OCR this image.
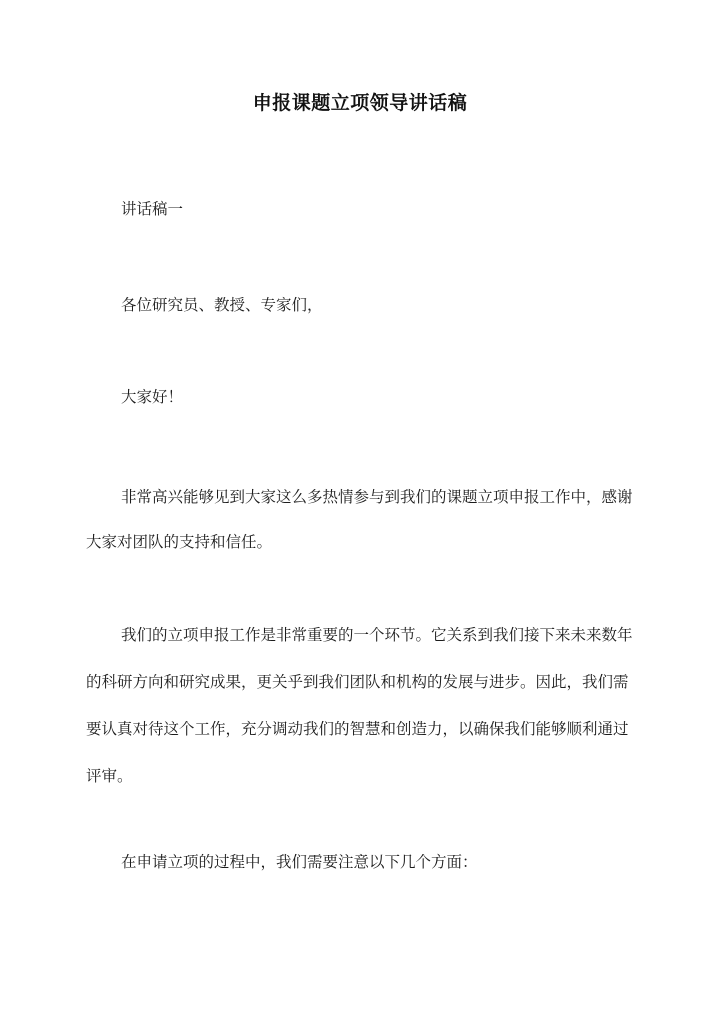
申报课题立项领导讲话稿

讲话稿一

各位研究员、教授、专家们，

大家好！

非常高兴能够见到大家这么多热情参与到我们的课题立项申报工作中，感谢大家对团队的支持和信任。

我们的立项申报工作是非常重要的一个环节。它关系到我们接下来未来数年的科研方向和研究成果，更关乎到我们团队和机构的发展与进步。因此，我们需要认真对待这个工作，充分调动我们的智慧和创造力，以确保我们能够顺利通过评审。

在申请立项的过程中，我们需要注意以下几个方面：
